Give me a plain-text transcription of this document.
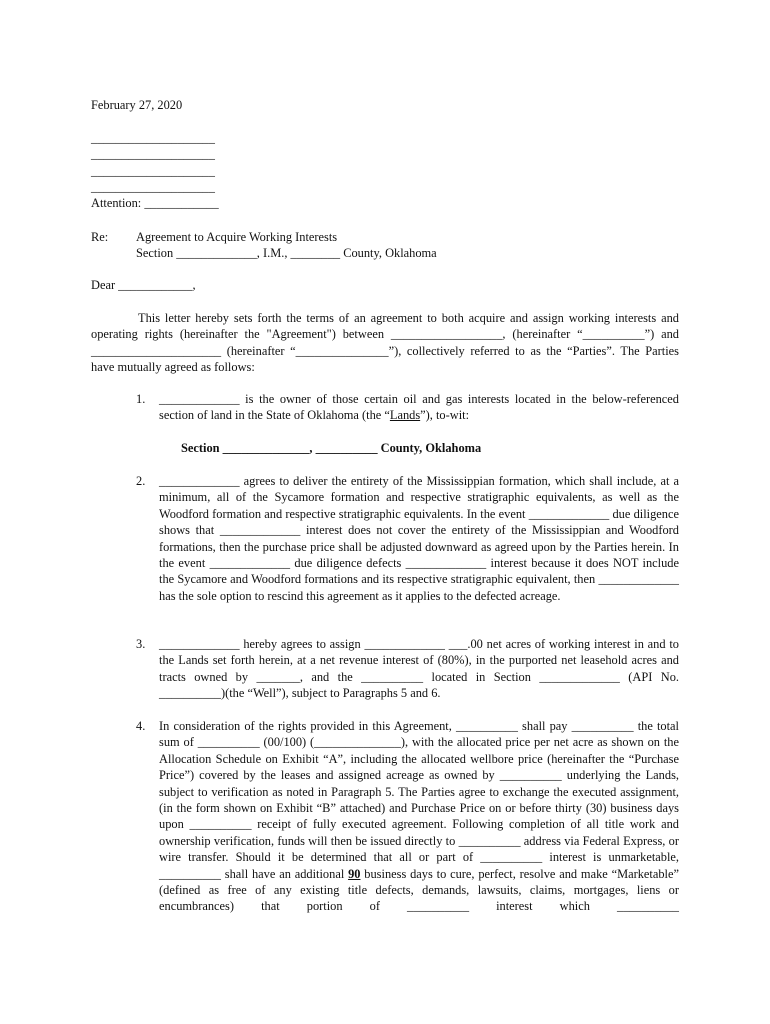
February 27, 2020
____________________
____________________
____________________
____________________
Attention: ____________
Re: Agreement to Acquire Working Interests
Section _____________, I.M., ________ County, Oklahoma
Dear ____________,
This letter hereby sets forth the terms of an agreement to both acquire and assign working interests and operating rights (hereinafter the "Agreement") between __________________, (hereinafter “__________”) and _____________________ (hereinafter “_______________”), collectively referred to as the “Parties”. The Parties have mutually agreed as follows:
1. _____________ is the owner of those certain oil and gas interests located in the below-referenced section of land in the State of Oklahoma (the “Lands”), to-wit:
Section ______________, __________ County, Oklahoma
2. _____________ agrees to deliver the entirety of the Mississippian formation, which shall include, at a minimum, all of the Sycamore formation and respective stratigraphic equivalents, as well as the Woodford formation and respective stratigraphic equivalents. In the event _____________ due diligence shows that _____________ interest does not cover the entirety of the Mississippian and Woodford formations, then the purchase price shall be adjusted downward as agreed upon by the Parties herein. In the event _____________ due diligence defects _____________ interest because it does NOT include the Sycamore and Woodford formations and its respective stratigraphic equivalent, then _____________ has the sole option to rescind this agreement as it applies to the defected acreage.
3. _____________ hereby agrees to assign _____________ ___.00 net acres of working interest in and to the Lands set forth herein, at a net revenue interest of (80%), in the purported net leasehold acres and tracts owned by _______, and the __________ located in Section _____________ (API No. __________)(the “Well”), subject to Paragraphs 5 and 6.
4. In consideration of the rights provided in this Agreement, __________ shall pay __________ the total sum of __________ (00/100) (______________), with the allocated price per net acre as shown on the Allocation Schedule on Exhibit “A”, including the allocated wellbore price (hereinafter the “Purchase Price”) covered by the leases and assigned acreage as owned by __________ underlying the Lands, subject to verification as noted in Paragraph 5. The Parties agree to exchange the executed assignment, (in the form shown on Exhibit “B” attached) and Purchase Price on or before thirty (30) business days upon __________ receipt of fully executed agreement. Following completion of all title work and ownership verification, funds will then be issued directly to __________ address via Federal Express, or wire transfer. Should it be determined that all or part of __________ interest is unmarketable, __________ shall have an additional 90 business days to cure, perfect, resolve and make “Marketable” (defined as free of any existing title defects, demands, lawsuits, claims, mortgages, liens or encumbrances) that portion of __________ interest which __________
